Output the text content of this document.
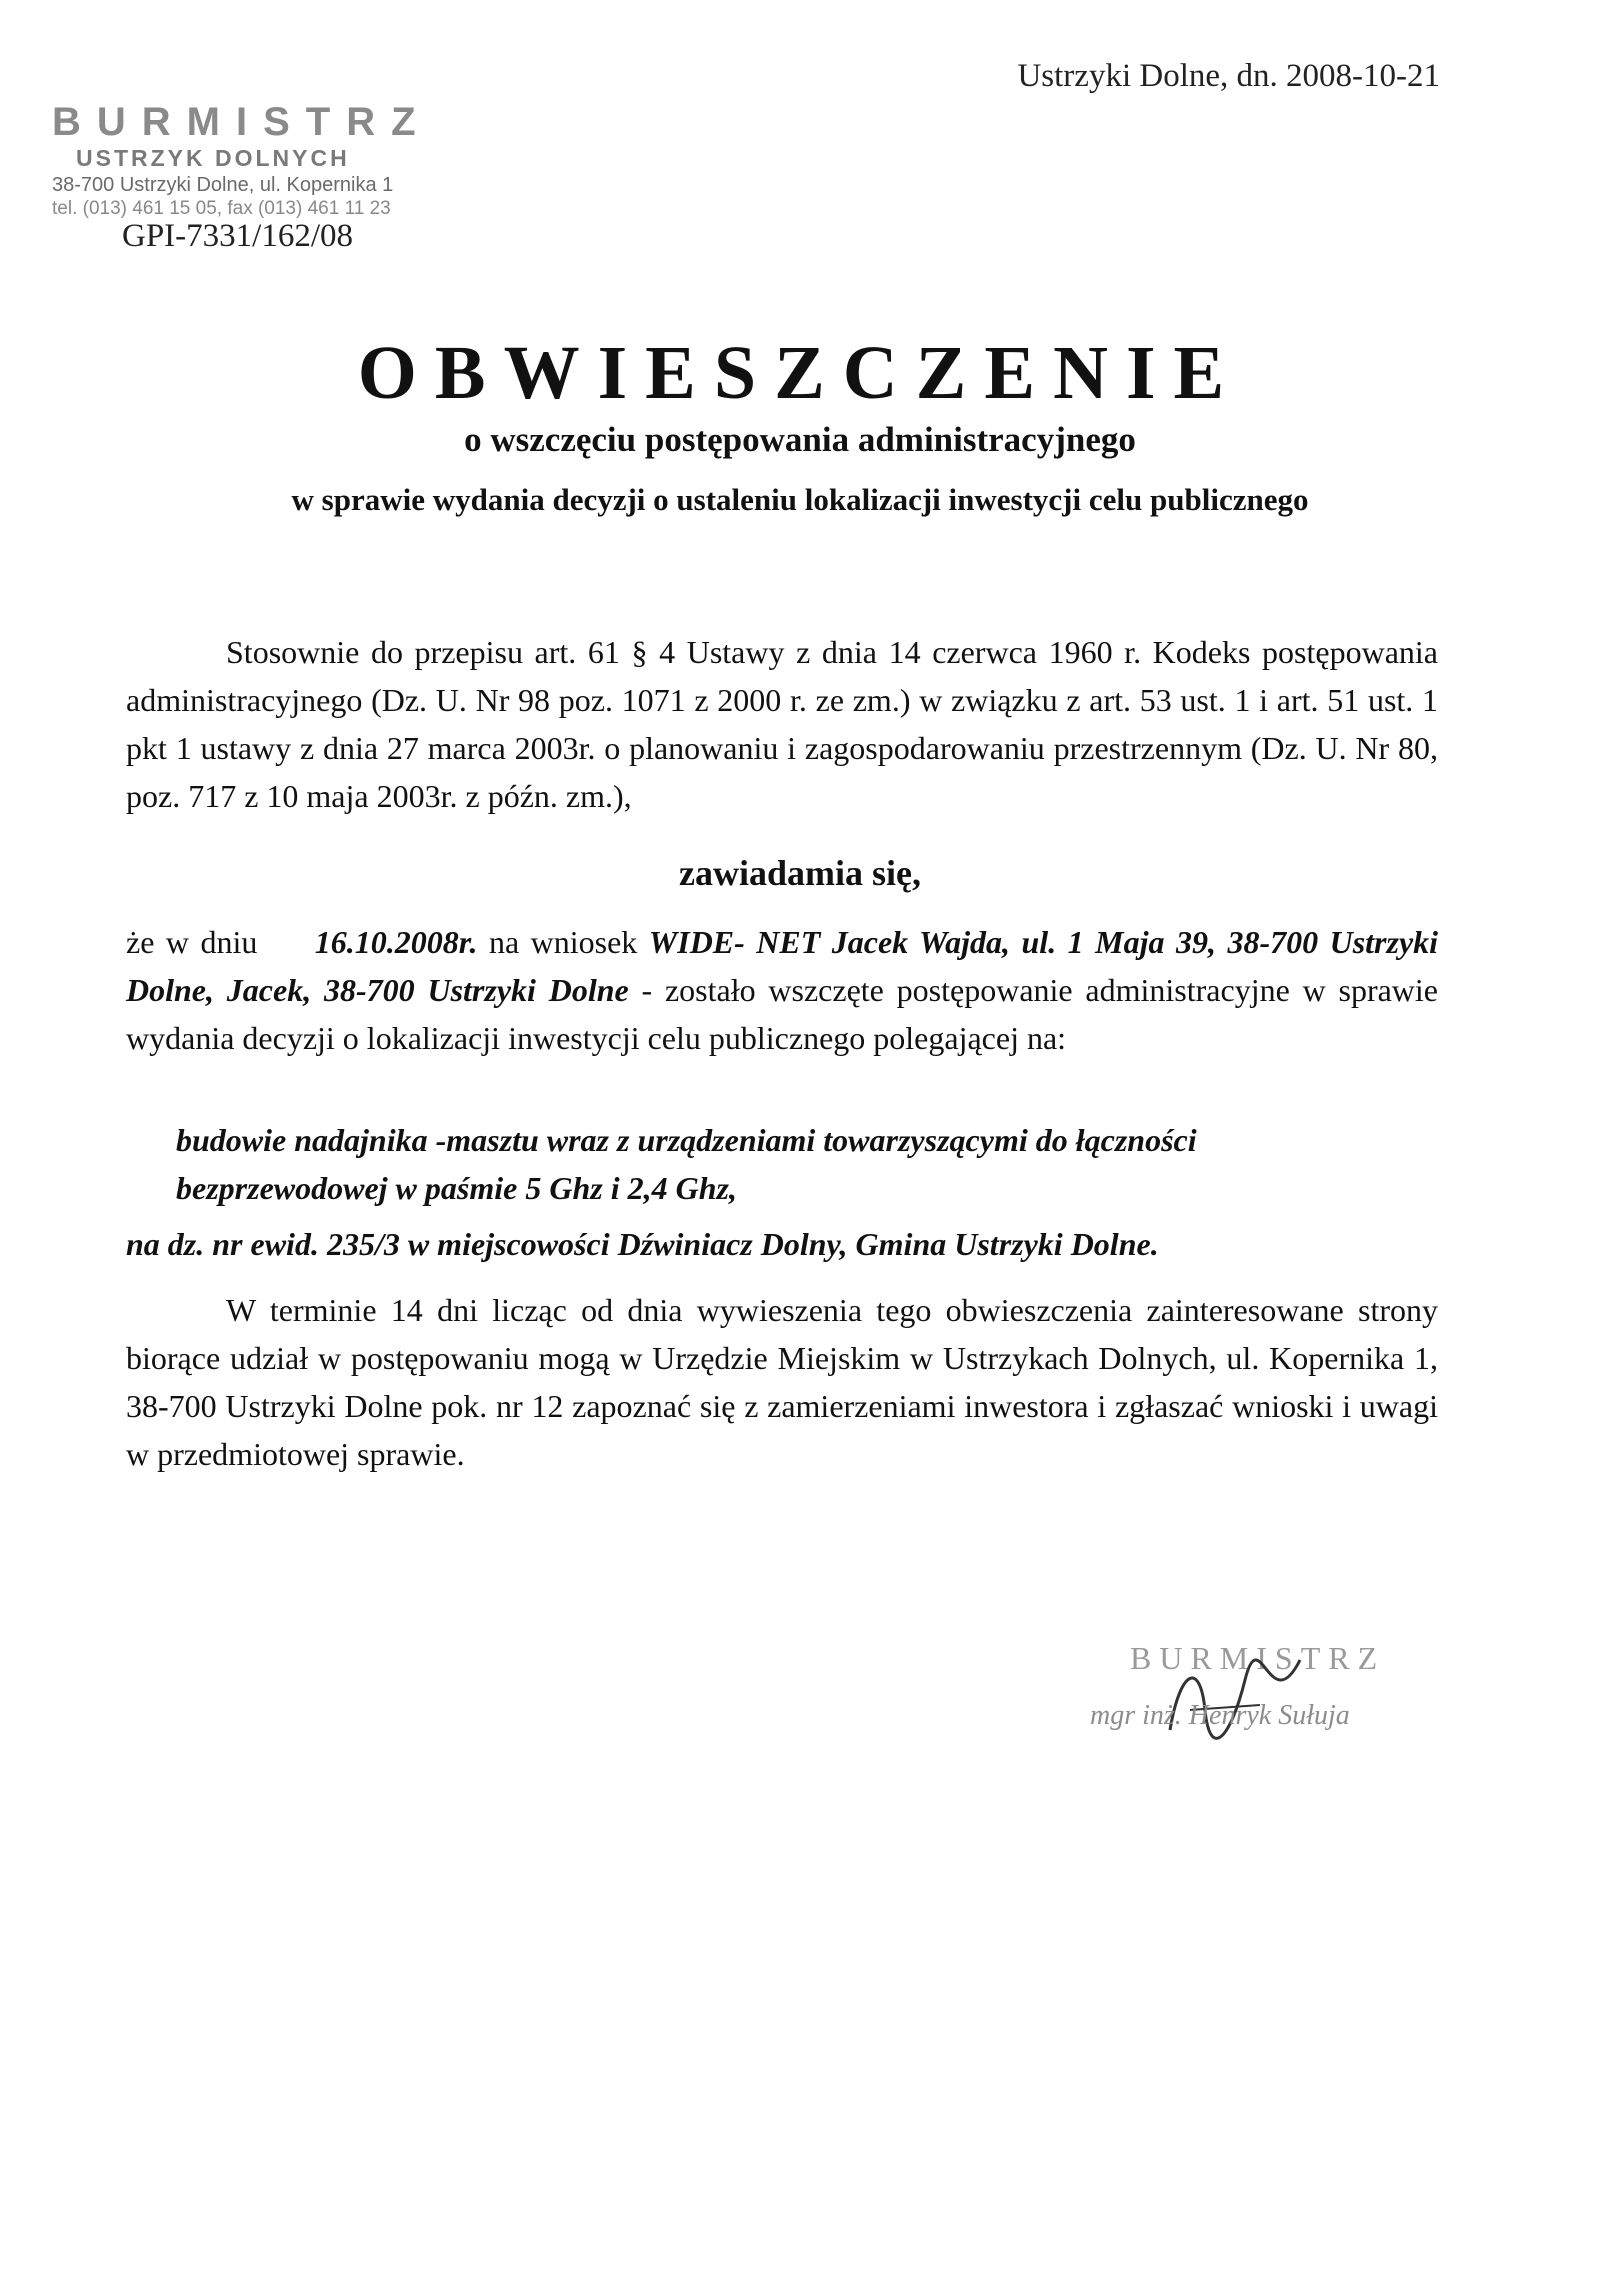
BURMISTRZ
USTRZYK DOLNYCH
38-700 Ustrzyki Dolne, ul. Kopernika 1
tel. (013) 461 15 05, fax (013) 461 11 23
GPI-7331/162/08
Ustrzyki Dolne, dn. 2008-10-21
OBWIESZCZENIE
o wszczęciu postępowania administracyjnego
w sprawie wydania decyzji o ustaleniu lokalizacji inwestycji celu publicznego
Stosownie do przepisu art. 61 § 4 Ustawy z dnia 14 czerwca 1960 r. Kodeks postępowania administracyjnego (Dz. U. Nr 98 poz. 1071 z 2000 r. ze zm.) w związku z art. 53 ust. 1 i art. 51 ust. 1 pkt 1 ustawy z dnia 27 marca 2003r. o planowaniu i zagospodarowaniu przestrzennym (Dz. U. Nr 80, poz. 717 z 10 maja 2003r. z późn. zm.),
zawiadamia się,
że w dniu 16.10.2008r. na wniosek WIDE- NET Jacek Wajda, ul. 1 Maja 39, 38-700 Ustrzyki Dolne, Jacek, 38-700 Ustrzyki Dolne - zostało wszczęte postępowanie administracyjne w sprawie wydania decyzji o lokalizacji inwestycji celu publicznego polegającej na:
budowie nadajnika -masztu wraz z urządzeniami towarzyszącymi do łączności
bezprzewodowej w paśmie 5 Ghz i 2,4 Ghz,
na dz. nr ewid. 235/3 w miejscowości Dźwiniacz Dolny, Gmina Ustrzyki Dolne.
W terminie 14 dni licząc od dnia wywieszenia tego obwieszczenia zainteresowane strony biorące udział w postępowaniu mogą w Urzędzie Miejskim w Ustrzykach Dolnych, ul. Kopernika 1, 38-700 Ustrzyki Dolne pok. nr 12 zapoznać się z zamierzeniami inwestora i zgłaszać wnioski i uwagi w przedmiotowej sprawie.
BURMISTRZ
mgr inż. Henryk Sułuja
